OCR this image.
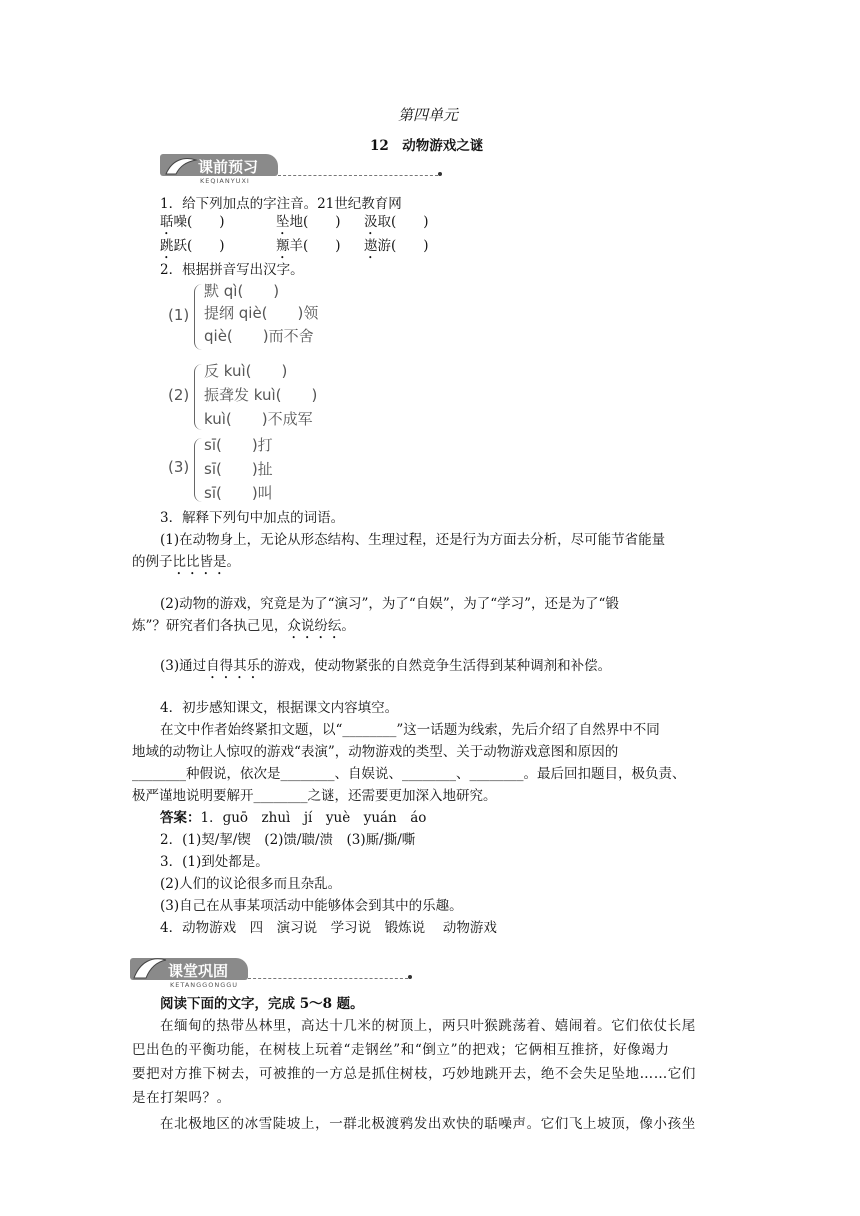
第四单元
12　动物游戏之谜
课前预习
KEQIANYUXI
1．给下列加点的字注音。21世纪教育网
聒噪(　　)	坠地(　　) 汲取(　　)
跳跃(　　)	羱羊(　　) 遨游(　　)
2．根据拼音写出汉字。
(1)
默 qì(　　)
提纲 qiè(　　)领
qiè(　　)而不舍
(2)
反 kuì(　　)
振聋发 kuì(　　)
kuì(　　)不成军
(3)
sī(　　)打
sī(　　)扯
sī(　　)叫
3．解释下列句中加点的词语。
(1)在动物身上，无论从形态结构、生理过程，还是行为方面去分析，尽可能节省能量
的例子比比皆是。
(2)动物的游戏，究竟是为了“演习”，为了“自娱”，为了“学习”，还是为了“锻
炼”？研究者们各执己见，众说纷纭。
(3)通过自得其乐的游戏，使动物紧张的自然竞争生活得到某种调剂和补偿。
4．初步感知课文，根据课文内容填空。
在文中作者始终紧扣文题，以“________”这一话题为线索，先后介绍了自然界中不同
地域的动物让人惊叹的游戏“表演”，动物游戏的类型、关于动物游戏意图和原因的
________种假说，依次是________、自娱说、________、________。最后回扣题目，极负责、
极严谨地说明要解开________之谜，还需要更加深入地研究。
答案：1．ɡuō　zhuì　jí　yuè　yuán　áo
2．(1)契/挈/锲　(2)馈/聩/溃　(3)厮/撕/嘶
3．(1)到处都是。
(2)人们的议论很多而且杂乱。
(3)自己在从事某项活动中能够体会到其中的乐趣。
4．动物游戏　四　演习说　学习说　锻炼说　 动物游戏
课堂巩固
KETANGGONGGU
阅读下面的文字，完成 5～8 题。
在缅甸的热带丛林里，高达十几米的树顶上，两只叶猴跳荡着、嬉闹着。它们依仗长尾
巴出色的平衡功能，在树枝上玩着“走钢丝”和“倒立”的把戏；它俩相互推挤，好像竭力
要把对方推下树去，可被推的一方总是抓住树枝，巧妙地跳开去，绝不会失足坠地……它们
是在打架吗？。
在北极地区的冰雪陡坡上，一群北极渡鸦发出欢快的聒噪声。它们飞上坡顶，像小孩坐
